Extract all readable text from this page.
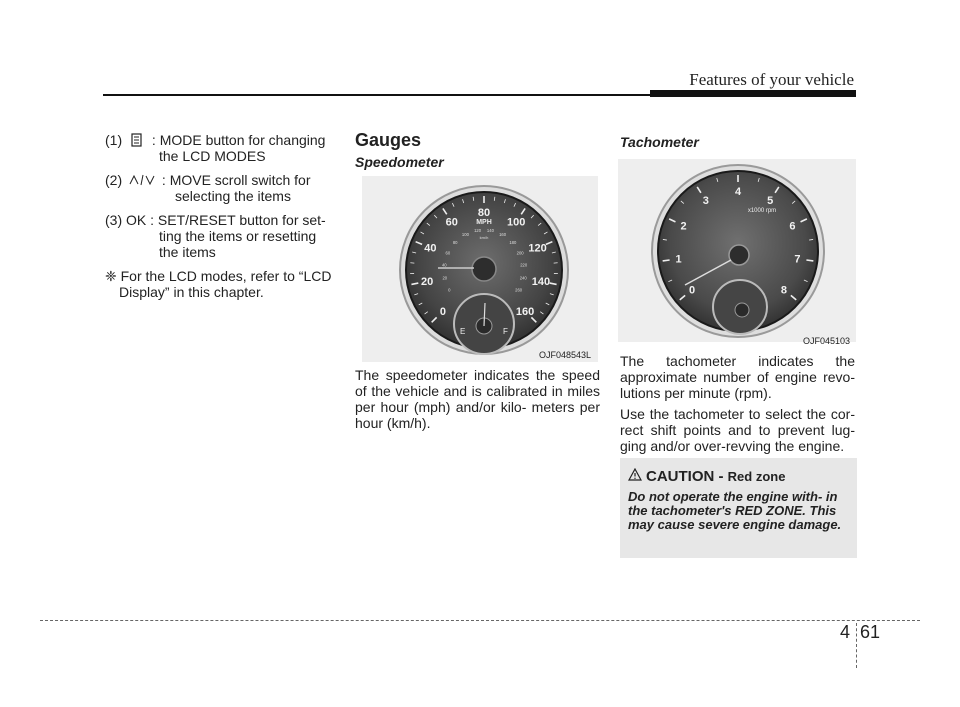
Features of your vehicle
(1) : MODE button for changing
the LCD MODES
(2)	: MOVE scroll switch for
selecting the items
(3) OK : SET/RESET button for set-
ting the items or resetting
the items
❈ For the LCD modes, refer to “LCD Display” in this chapter.
Gauges
Speedometer
0
20
40
60
80
100
120
140
160
0
20
40
60
80
100
120 140
160
180
200
220
240
260
MPH
km/h
E	F
OJF048543L
The speedometer indicates the speed of the vehicle and is calibrated in miles per hour (mph) and/or kilo- meters per hour (km/h).
Tachometer
0
1
2
3
4
5
6
7
8
x1000 rpm
OJF045103
The tachometer indicates the approximate number of engine revo- lutions per minute (rpm).
Use the tachometer to select the cor- rect shift points and to prevent lug- ging and/or over-revving the engine.
CAUTION - Red zone
Do not operate the engine with- in the tachometer's RED ZONE. This may cause severe engine damage.
4 61
